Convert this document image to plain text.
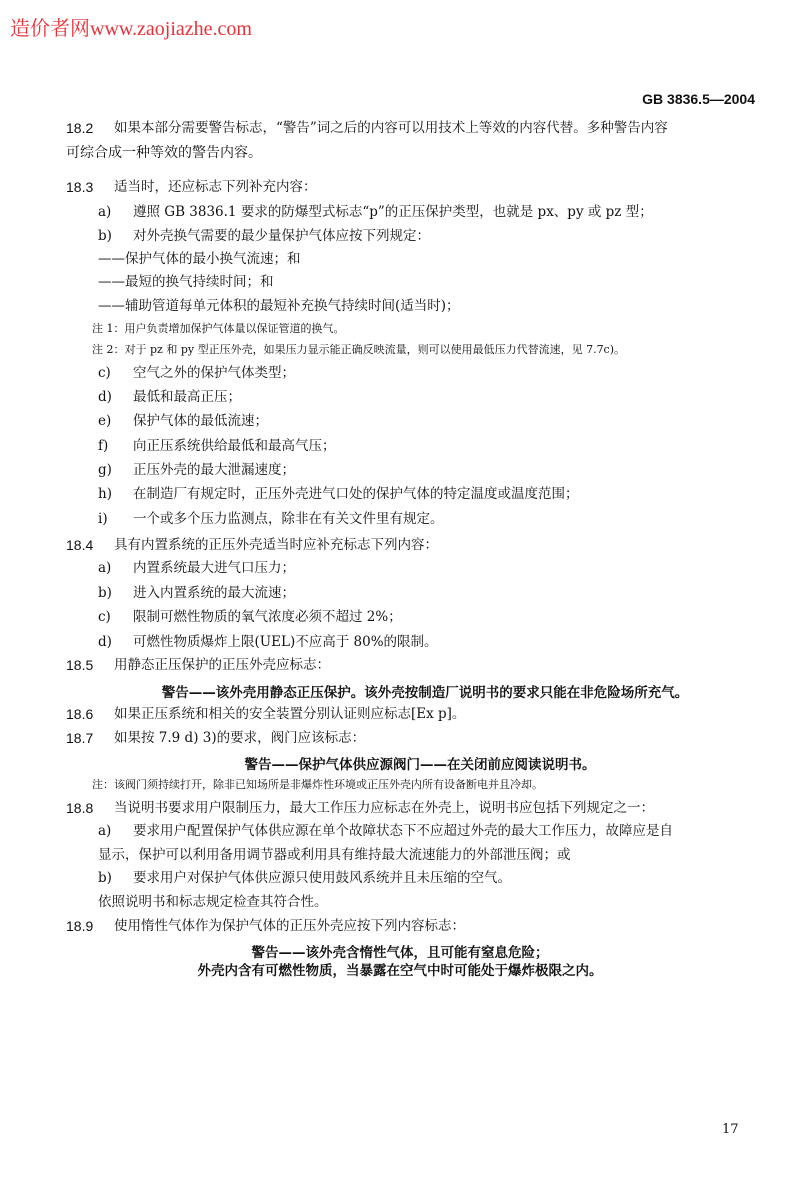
造价者网www.zaojiazhe.com
GB 3836.5—2004
18.2 如果本部分需要警告标志，“警告”词之后的内容可以用技术上等效的内容代替。多种警告内容
可综合成一种等效的警告内容。
18.3 适当时，还应标志下列补充内容：
a) 遵照 GB 3836.1 要求的防爆型式标志“p”的正压保护类型，也就是 px、py 或 pz 型；
b) 对外壳换气需要的最少量保护气体应按下列规定：
——保护气体的最小换气流速；和
——最短的换气持续时间；和
——辅助管道每单元体积的最短补充换气持续时间(适当时)；
注 1：用户负责增加保护气体量以保证管道的换气。
注 2：对于 pz 和 py 型正压外壳，如果压力显示能正确反映流量，则可以使用最低压力代替流速，见 7.7c)。
c) 空气之外的保护气体类型；
d) 最低和最高正压；
e) 保护气体的最低流速；
f) 向正压系统供给最低和最高气压；
g) 正压外壳的最大泄漏速度；
h) 在制造厂有规定时，正压外壳进气口处的保护气体的特定温度或温度范围；
i) 一个或多个压力监测点，除非在有关文件里有规定。
18.4 具有内置系统的正压外壳适当时应补充标志下列内容：
a) 内置系统最大进气口压力；
b) 进入内置系统的最大流速；
c) 限制可燃性物质的氧气浓度必须不超过 2%；
d) 可燃性物质爆炸上限(UEL)不应高于 80%的限制。
18.5 用静态正压保护的正压外壳应标志：
警告——该外壳用静态正压保护。该外壳按制造厂说明书的要求只能在非危险场所充气。
18.6 如果正压系统和相关的安全装置分别认证则应标志[Ex p]。
18.7 如果按 7.9 d) 3)的要求，阀门应该标志：
警告——保护气体供应源阀门——在关闭前应阅读说明书。
注：该阀门须持续打开，除非已知场所是非爆炸性环境或正压外壳内所有设备断电并且冷却。
18.8 当说明书要求用户限制压力，最大工作压力应标志在外壳上，说明书应包括下列规定之一：
a) 要求用户配置保护气体供应源在单个故障状态下不应超过外壳的最大工作压力，故障应是自
显示，保护可以利用备用调节器或利用具有维持最大流速能力的外部泄压阀；或
b) 要求用户对保护气体供应源只使用鼓风系统并且未压缩的空气。
依照说明书和标志规定检查其符合性。
18.9 使用惰性气体作为保护气体的正压外壳应按下列内容标志：
警告——该外壳含惰性气体，且可能有窒息危险；
外壳内含有可燃性物质，当暴露在空气中时可能处于爆炸极限之内。
17
